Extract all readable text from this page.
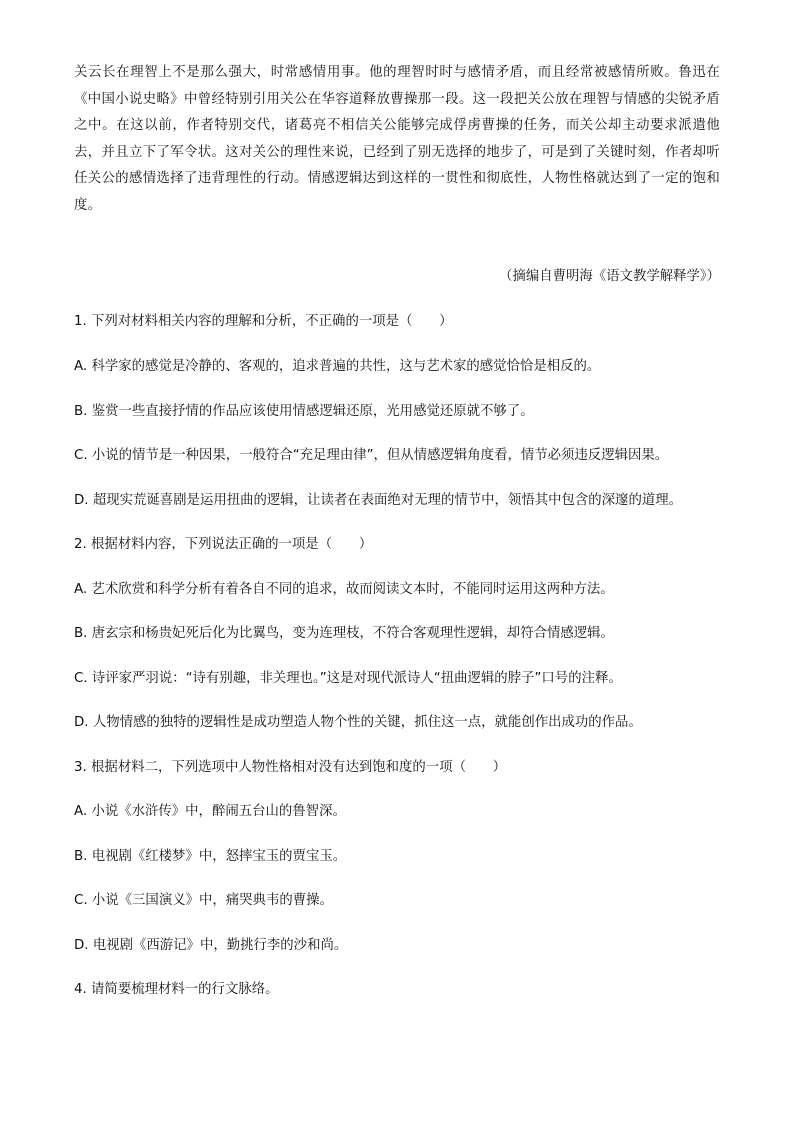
关云长在理智上不是那么强大，时常感情用事。他的理智时时与感情矛盾，而且经常被感情所败。鲁迅在《中国小说史略》中曾经特别引用关公在华容道释放曹操那一段。这一段把关公放在理智与情感的尖锐矛盾之中。在这以前，作者特别交代，诸葛亮不相信关公能够完成俘虏曹操的任务，而关公却主动要求派遣他去，并且立下了军令状。这对关公的理性来说，已经到了别无选择的地步了，可是到了关键时刻，作者却听任关公的感情选择了违背理性的行动。情感逻辑达到这样的一贯性和彻底性，人物性格就达到了一定的饱和度。

（摘编自曹明海《语文教学解释学》）
1. 下列对材料相关内容的理解和分析，不正确的一项是（　　）
A. 科学家的感觉是冷静的、客观的，追求普遍的共性，这与艺术家的感觉恰恰是相反的。
B. 鉴赏一些直接抒情的作品应该使用情感逻辑还原，光用感觉还原就不够了。
C. 小说的情节是一种因果，一般符合“充足理由律”，但从情感逻辑角度看，情节必须违反逻辑因果。
D. 超现实荒诞喜剧是运用扭曲的逻辑，让读者在表面绝对无理的情节中，领悟其中包含的深邃的道理。
2. 根据材料内容，下列说法正确的一项是（　　）
A. 艺术欣赏和科学分析有着各自不同的追求，故而阅读文本时，不能同时运用这两种方法。
B. 唐玄宗和杨贵妃死后化为比翼鸟，变为连理枝，不符合客观理性逻辑，却符合情感逻辑。
C. 诗评家严羽说：“诗有别趣，非关理也。”这是对现代派诗人“扭曲逻辑的脖子”口号的注释。
D. 人物情感的独特的逻辑性是成功塑造人物个性的关键，抓住这一点，就能创作出成功的作品。
3. 根据材料二，下列选项中人物性格相对没有达到饱和度的一项（　　）
A. 小说《水浒传》中，醉闹五台山的鲁智深。
B. 电视剧《红楼梦》中，怒摔宝玉的贾宝玉。
C. 小说《三国演义》中，痛哭典韦的曹操。
D. 电视剧《西游记》中，勤挑行李的沙和尚。
4. 请简要梳理材料一的行文脉络。
